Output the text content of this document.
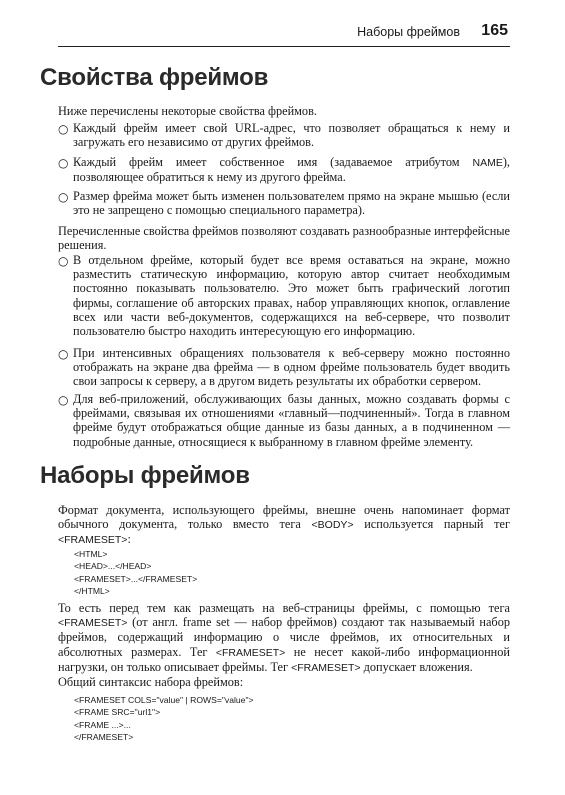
Наборы фреймов 165
Свойства фреймов

Ниже перечислены некоторые свойства фреймов.

○ Каждый фрейм имеет свой URL-адрес, что позволяет обращаться к нему и загружать его независимо от других фреймов.
○ Каждый фрейм имеет собственное имя (задаваемое атрибутом NAME), позволяющее обратиться к нему из другого фрейма.
○ Размер фрейма может быть изменен пользователем прямо на экране мышью (если это не запрещено с помощью специального параметра).

Перечисленные свойства фреймов позволяют создавать разнообразные интерфейсные решения.

○ В отдельном фрейме, который будет все время оставаться на экране, можно разместить статическую информацию, которую автор считает необходимым постоянно показывать пользователю. Это может быть графический логотип фирмы, соглашение об авторских правах, набор управляющих кнопок, оглавление всех или части веб-документов, содержащихся на веб-сервере, что позволит пользователю быстро находить интересующую его информацию.
○ При интенсивных обращениях пользователя к веб-серверу можно постоянно отображать на экране два фрейма — в одном фрейме пользователь будет вводить свои запросы к серверу, а в другом видеть результаты их обработки сервером.
○ Для веб-приложений, обслуживающих базы данных, можно создавать формы с фреймами, связывая их отношениями «главный—подчиненный». Тогда в главном фрейме будут отображаться общие данные из базы данных, а в подчиненном — подробные данные, относящиеся к выбранному в главном фрейме элементу.
Наборы фреймов

Формат документа, использующего фреймы, внешне очень напоминает формат обычного документа, только вместо тега <BODY> используется парный тег <FRAMESET>:

<HTML>
<HEAD>...</HEAD>
<FRAMESET>...</FRAMESET>
</HTML>

То есть перед тем как размещать на веб-страницы фреймы, с помощью тега <FRAMESET> (от англ. frame set — набор фреймов) создают так называемый набор фреймов, содержащий информацию о числе фреймов, их относительных и абсолютных размерах. Тег <FRAMESET> не несет какой-либо информационной нагрузки, он только описывает фреймы. Тег <FRAMESET> допускает вложения.

Общий синтаксис набора фреймов:

<FRAMESET COLS="value" | ROWS="value">
<FRAME SRC="url1">
<FRAME ...>...
</FRAMESET>
